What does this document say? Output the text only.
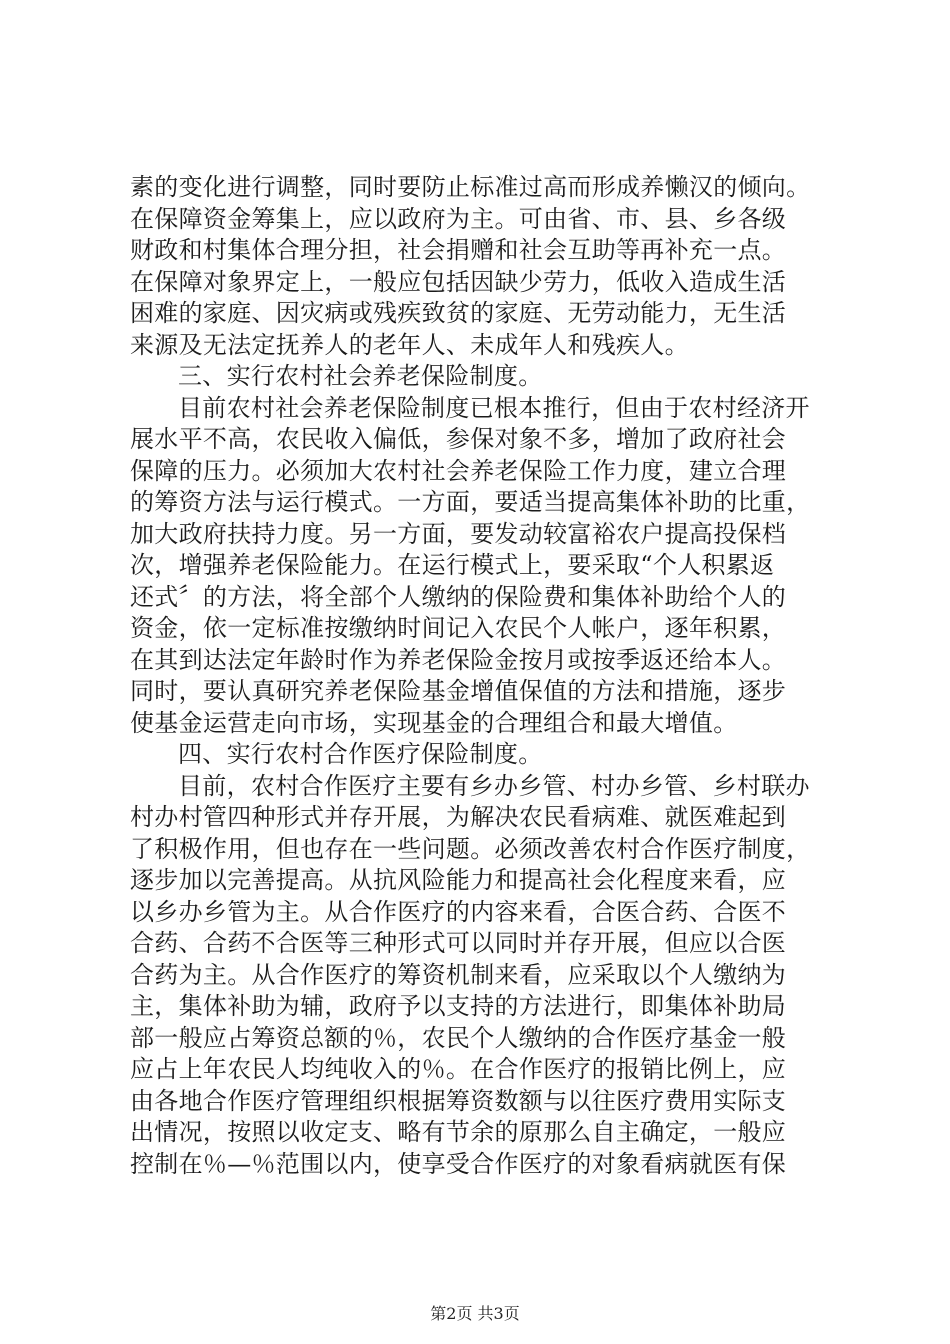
素的变化进行调整，同时要防止标准过高而形成养懒汉的倾向。
在保障资金筹集上，应以政府为主。可由省、市、县、乡各级
财政和村集体合理分担，社会捐赠和社会互助等再补充一点。
在保障对象界定上，一般应包括因缺少劳力，低收入造成生活
困难的家庭、因灾病或残疾致贫的家庭、无劳动能力，无生活
来源及无法定抚养人的老年人、未成年人和残疾人。
三、实行农村社会养老保险制度。
目前农村社会养老保险制度已根本推行，但由于农村经济开
展水平不高，农民收入偏低，参保对象不多，增加了政府社会
保障的压力。必须加大农村社会养老保险工作力度，建立合理
的筹资方法与运行模式。一方面，要适当提高集体补助的比重，
加大政府扶持力度。另一方面，要发动较富裕农户提高投保档
次，增强养老保险能力。在运行模式上，要采取“个人积累返
还式〞的方法，将全部个人缴纳的保险费和集体补助给个人的
资金，依一定标准按缴纳时间记入农民个人帐户，逐年积累，
在其到达法定年龄时作为养老保险金按月或按季返还给本人。
同时，要认真研究养老保险基金增值保值的方法和措施，逐步
使基金运营走向市场，实现基金的合理组合和最大增值。
四、实行农村合作医疗保险制度。
目前，农村合作医疗主要有乡办乡管、村办乡管、乡村联办
村办村管四种形式并存开展，为解决农民看病难、就医难起到
了积极作用，但也存在一些问题。必须改善农村合作医疗制度，
逐步加以完善提高。从抗风险能力和提高社会化程度来看，应
以乡办乡管为主。从合作医疗的内容来看，合医合药、合医不
合药、合药不合医等三种形式可以同时并存开展，但应以合医
合药为主。从合作医疗的筹资机制来看，应采取以个人缴纳为
主，集体补助为辅，政府予以支持的方法进行，即集体补助局
部一般应占筹资总额的％，农民个人缴纳的合作医疗基金一般
应占上年农民人均纯收入的％。在合作医疗的报销比例上，应
由各地合作医疗管理组织根据筹资数额与以往医疗费用实际支
出情况，按照以收定支、略有节余的原那么自主确定，一般应
控制在％—％范围以内，使享受合作医疗的对象看病就医有保
第2页 共3页
